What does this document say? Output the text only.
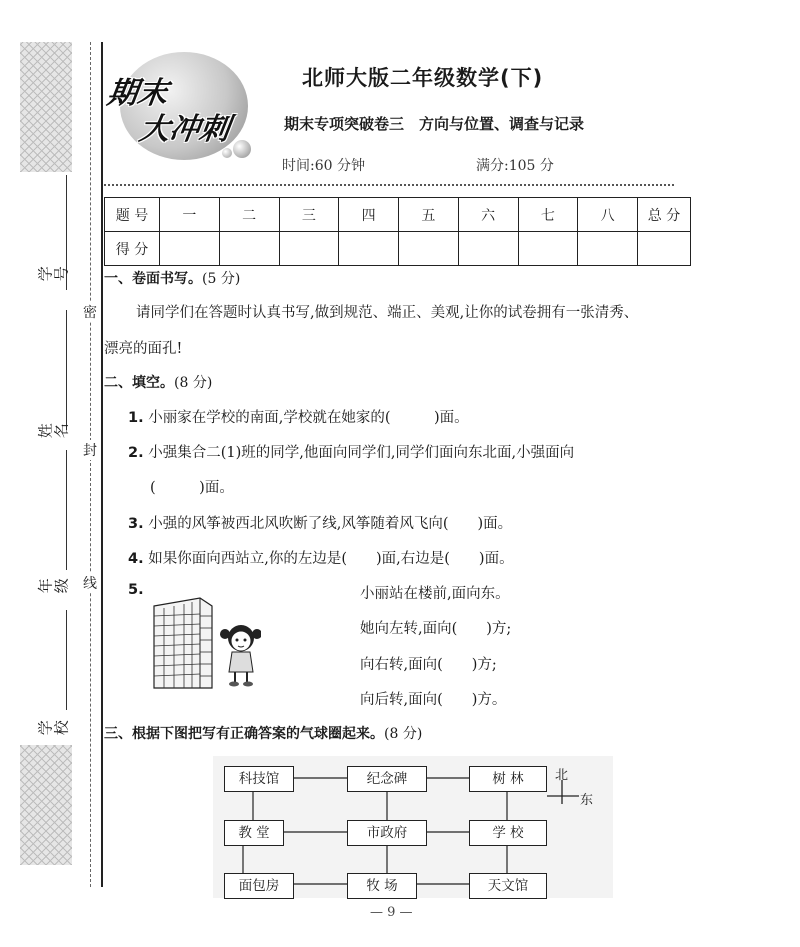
学号
姓名
年级
学校
密
封
线
期末
大冲刺
北师大版二年级数学(下)
期末专项突破卷三　方向与位置、调查与记录
时间:60 分钟	满分:105 分
题 号	一	二	三	四	五	六	七	八	总 分
得 分									
一、卷面书写。(5 分)
请同学们在答题时认真书写,做到规范、端正、美观,让你的试卷拥有一张清秀、
漂亮的面孔!
二、填空。(8 分)
1. 小丽家在学校的南面,学校就在她家的(　　　)面。
2. 小强集合二(1)班的同学,他面向同学们,同学们面向东北面,小强面向
(　　　)面。
3. 小强的风筝被西北风吹断了线,风筝随着风飞向(　　)面。
4. 如果你面向西站立,你的左边是(　　)面,右边是(　　)面。
5.	小丽站在楼前,面向东。
她向左转,面向(　　)方;
向右转,面向(　　)方;
向后转,面向(　　)方。
三、根据下图把写有正确答案的气球圈起来。(8 分)
科技馆	纪念碑	树 林
教 堂	市政府	学 校
面包房	牧 场	天文馆
北
东
— 9 —
